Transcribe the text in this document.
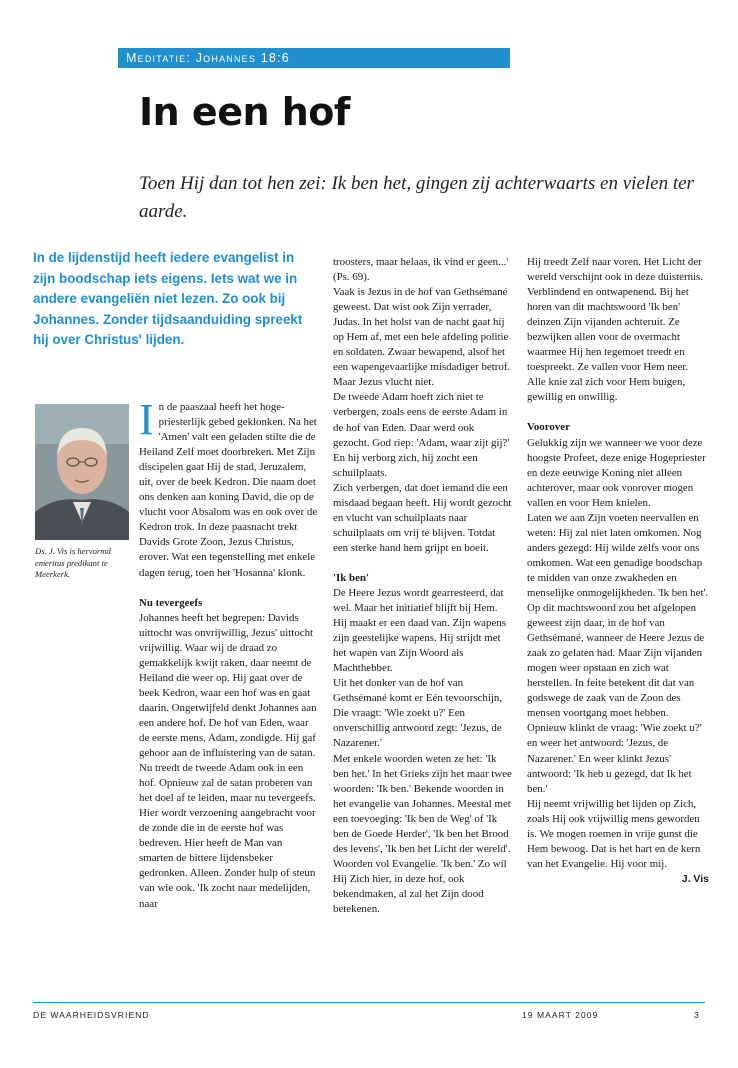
Meditatie: Johannes 18:6
In een hof

Toen Hij dan tot hen zei: Ik ben het, gingen zij achterwaarts en vielen ter aarde.

In de lijdenstijd heeft iedere evangelist in zijn boodschap iets eigens. Iets wat we in andere evangeliën niet lezen. Zo ook bij Johannes. Zonder tijdsaanduiding spreekt hij over Christus' lijden.

Ds. J. Vis is hervormd emeritus predikant te Meerkerk.

In de paaszaal heeft het hogepriesterlijk gebed geklonken. Na het 'Amen' valt een geladen stilte die de Heiland Zelf moet doorbreken. Met Zijn discipelen gaat Hij de stad, Jeruzalem, uit, over de beek Kedron. Die naam doet ons denken aan koning David, die op de vlucht voor Absalom was en ook over de Kedron trok. In deze paasnacht trekt Davids Grote Zoon, Jezus Christus, erover. Wat een tegenstelling met enkele dagen terug, toen het 'Hosanna' klonk.

Nu tevergeefs

Johannes heeft het begrepen: Davids uittocht was onvrijwillig, Jezus' uittocht vrijwillig. Waar wij de draad zo gemakkelijk kwijt raken, daar neemt de Heiland die weer op. Hij gaat over de beek Kedron, waar een hof was en gaat daarin. Ongetwijfeld denkt Johannes aan een andere hof. De hof van Eden, waar de eerste mens, Adam, zondigde. Hij gaf gehoor aan de influistering van de satan. Nu treedt de tweede Adam ook in een hof. Opnieuw zal de satan proberen van het doel af te leiden, maar nu tevergeefs. Hier wordt verzoening aangebracht voor de zonde die in de eerste hof was bedreven. Hier heeft de Man van smarten de bittere lijdensbeker gedronken. Alleen. Zonder hulp of steun van wie ook. 'Ik zocht naar medelijden, naar

troosters, maar helaas, ik vind er geen...' (Ps. 69).

Vaak is Jezus in de hof van Gethsémané geweest. Dat wist ook Zijn verrader, Judas. In het holst van de nacht gaat hij op Hem af, met een hele afdeling politie en soldaten. Zwaar bewapend, alsof het een wapengevaarlijke misdadiger betrof. Maar Jezus vlucht niet.

De tweede Adam hoeft zich niet te verbergen, zoals eens de eerste Adam in de hof van Eden. Daar werd ook gezocht. God riep: 'Adam, waar zijt gij?' En hij verborg zich, hij zocht een schuilplaats.

Zich verbergen, dat doet iemand die een misdaad begaan heeft. Hij wordt gezocht en vlucht van schuilplaats naar schuilplaats om vrij te blijven. Totdat een sterke hand hem grijpt en boeit.

'Ik ben'

De Heere Jezus wordt gearresteerd, dat wel. Maar het initiatief blijft bij Hem. Hij maakt er een daad van. Zijn wapens zijn geestelijke wapens. Hij strijdt met het wapen van Zijn Woord als Machthebber.

Uit het donker van de hof van Gethsémané komt er Eén tevoorschijn, Die vraagt: 'Wie zoekt u?' Een onverschillig antwoord zegt: 'Jezus, de Nazarener.'

Met enkele woorden weten ze het: 'Ik ben het.' In het Grieks zijn het maar twee woorden: 'Ik ben.' Bekende woorden in het evangelie van Johannes. Meestal met een toevoeging: 'Ik ben de Weg' of 'Ik ben de Goede Herder', 'Ik ben het Brood des levens', 'Ik ben het Licht der wereld'. Woorden vol Evangelie. 'Ik ben.' Zo wil Hij Zich hier, in deze hof, ook bekendmaken, al zal het Zijn dood betekenen.

Hij treedt Zelf naar voren. Het Licht der wereld verschijnt ook in deze duisternis. Verblindend en ontwapenend. Bij het horen van dit machtswoord 'Ik ben' deinzen Zijn vijanden achteruit. Ze bezwijken allen voor de overmacht waarmee Hij hen tegemoet treedt en toespreekt. Ze vallen voor Hem neer. Alle knie zal zich voor Hem buigen, gewillig en onwillig.

Voorover

Gelukkig zijn we wanneer we voor deze hoogste Profeet, deze enige Hogepriester en deze eeuwige Koning niet alleen achterover, maar ook voorover mogen vallen en voor Hem knielen.

Laten we aan Zijn voeten neervallen en weten: Hij zal niet laten omkomen. Nog anders gezegd: Hij wilde zelfs voor ons omkomen. Wat een genadige boodschap te midden van onze zwakheden en menselijke onmogelijkheden. 'Ik ben het'. Op dit machtswoord zou het afgelopen geweest zijn daar, in de hof van Gethsémané, wanneer de Heere Jezus de zaak zo gelaten had. Maar Zijn vijanden mogen weer opstaan en zich wat herstellen. In feite betekent dit dat van godswege de zaak van de Zoon des mensen voortgang moet hebben.

Opnieuw klinkt de vraag: 'Wie zoekt u?' en weer het antwoord: 'Jezus, de Nazarener.' En weer klinkt Jezus' antwoord: 'Ik heb u gezegd, dat Ik het ben.'

Hij neemt vrijwillig het lijden op Zich, zoals Hij ook vrijwillig mens geworden is. We mogen roemen in vrije gunst die Hem bewoog. Dat is het hart en de kern van het Evangelie. Hij voor mij.

J. Vis

DE WAARHEIDSVRIEND	19 MAART 2009	3
